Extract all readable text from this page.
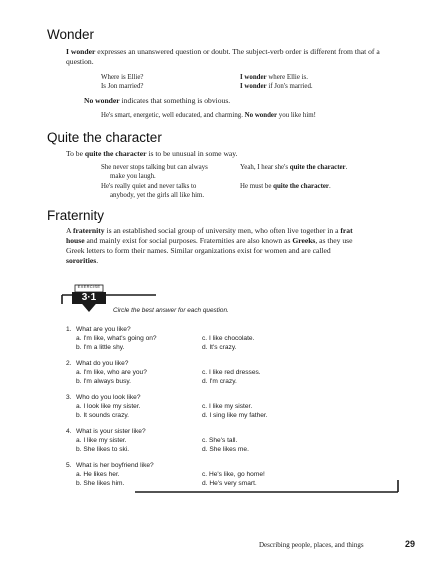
Wonder
I wonder expresses an unanswered question or doubt. The subject-verb order is different from that of a question.
Where is Ellie?
Is Jon married?
I wonder where Ellie is.
I wonder if Jon's married.
No wonder indicates that something is obvious.
He's smart, energetic, well educated, and charming. No wonder you like him!
Quite the character
To be quite the character is to be unusual in some way.
She never stops talking but can always
make you laugh.
He's really quiet and never talks to
anybody, yet the girls all like him.
Yeah, I hear she's quite the character.
He must be quite the character.
Fraternity
A fraternity is an established social group of university men, who often live together in a frat
house and mainly exist for social purposes. Fraternities are also known as Greeks, as they use
Greek letters to form their names. Similar organizations exist for women and are called
sororities.
EXERCISE
3·1
Circle the best answer for each question.
1. What are you like?
a. I'm like, what's going on?
b. I'm a little shy.
c. I like chocolate.
d. It's crazy.
2. What do you like?
a. I'm like, who are you?
b. I'm always busy.
c. I like red dresses.
d. I'm crazy.
3. Who do you look like?
a. I look like my sister.
b. It sounds crazy.
c. I like my sister.
d. I sing like my father.
4. What is your sister like?
a. I like my sister.
b. She likes to ski.
c. She's tall.
d. She likes me.
5. What is her boyfriend like?
a. He likes her.
b. She likes him.
c. He's like, go home!
d. He's very smart.
Describing people, places, and things	29
